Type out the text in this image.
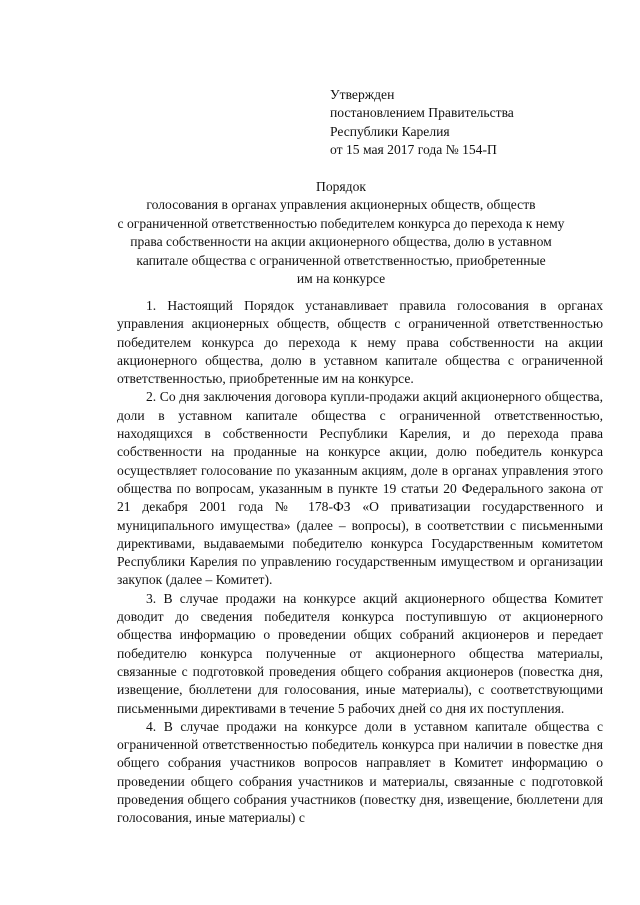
Утвержден
постановлением Правительства
Республики Карелия
от 15 мая 2017 года № 154-П
Порядок
голосования в органах управления акционерных обществ, обществ
с ограниченной ответственностью победителем конкурса до перехода к нему
права собственности на акции акционерного общества, долю в уставном
капитале общества с ограниченной ответственностью, приобретенные
им на конкурсе

1. Настоящий Порядок устанавливает правила голосования в органах управления акционерных обществ, обществ с ограниченной ответственностью победителем конкурса до перехода к нему права собственности на акции акционерного общества, долю в уставном капитале общества с ограниченной ответственностью, приобретенные им на конкурсе.

2. Со дня заключения договора купли-продажи акций акционерного общества, доли в уставном капитале общества с ограниченной ответственностью, находящихся в собственности Республики Карелия, и до перехода права собственности на проданные на конкурсе акции, долю победитель конкурса осуществляет голосование по указанным акциям, доле в органах управления этого общества по вопросам, указанным в пункте 19 статьи 20 Федерального закона от 21 декабря 2001 года № 178-ФЗ «О приватизации государственного и муниципального имущества» (далее – вопросы), в соответствии с письменными директивами, выдаваемыми победителю конкурса Государственным комитетом Республики Карелия по управлению государственным имуществом и организации закупок (далее – Комитет).

3. В случае продажи на конкурсе акций акционерного общества Комитет доводит до сведения победителя конкурса поступившую от акционерного общества информацию о проведении общих собраний акционеров и передает победителю конкурса полученные от акционерного общества материалы, связанные с подготовкой проведения общего собрания акционеров (повестка дня, извещение, бюллетени для голосования, иные материалы), с соответствующими письменными директивами в течение 5 рабочих дней со дня их поступления.

4. В случае продажи на конкурсе доли в уставном капитале общества с ограниченной ответственностью победитель конкурса при наличии в повестке дня общего собрания участников вопросов направляет в Комитет информацию о проведении общего собрания участников и материалы, связанные с подготовкой проведения общего собрания участников (повестку дня, извещение, бюллетени для голосования, иные материалы) с
